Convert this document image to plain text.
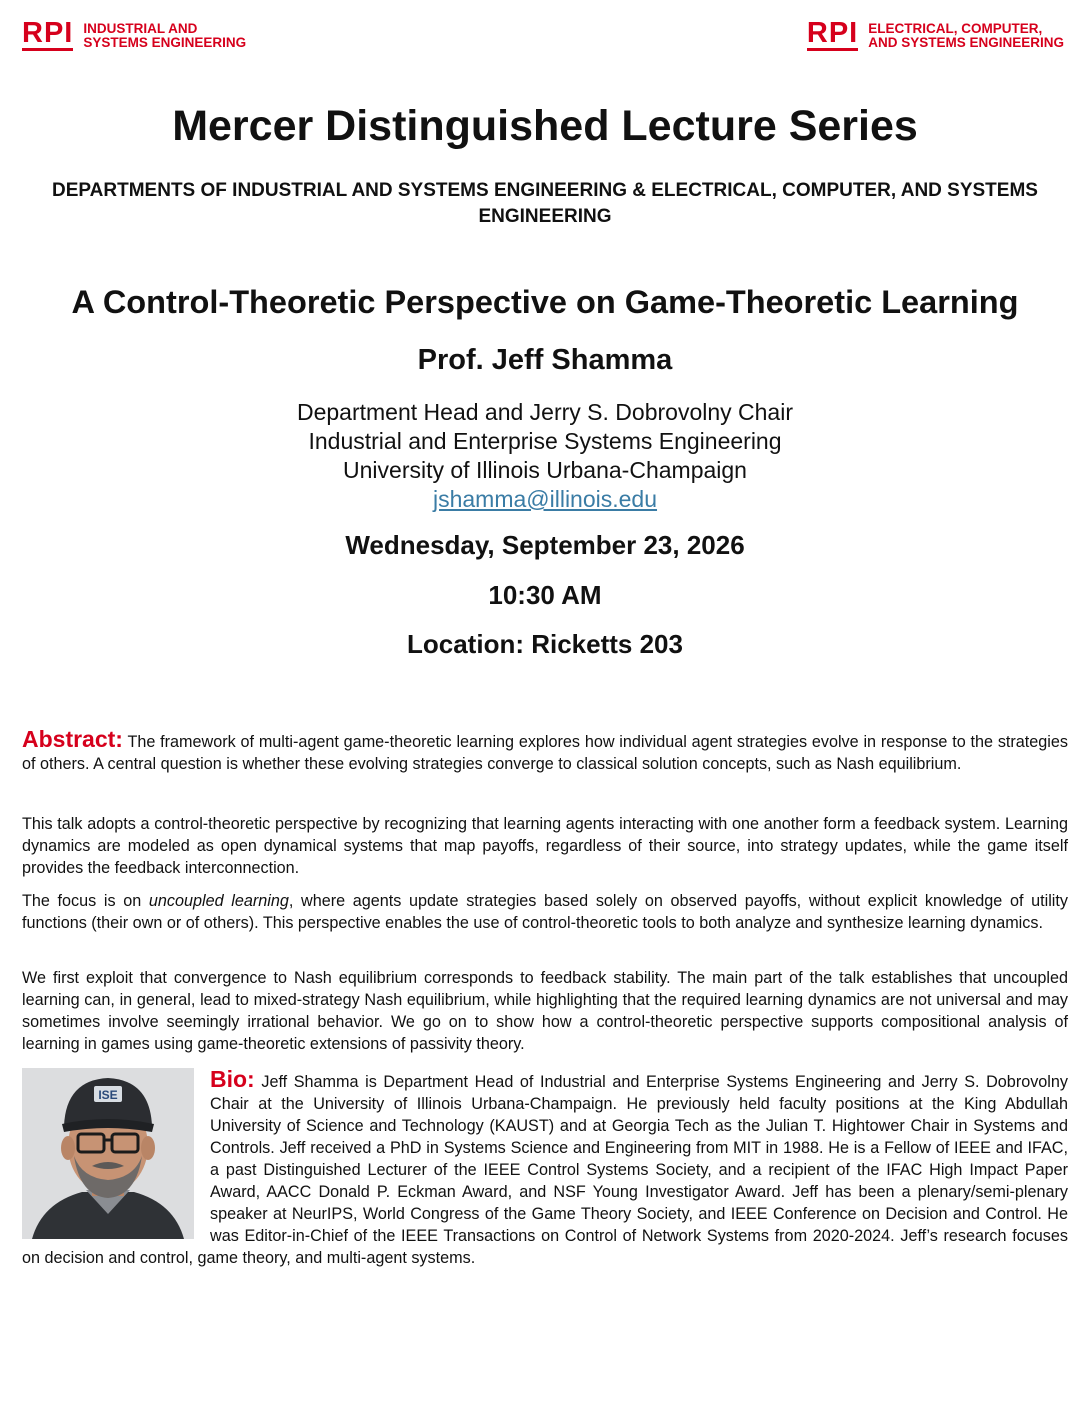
RPI INDUSTRIAL AND
SYSTEMS ENGINEERING	RPI ELECTRICAL, COMPUTER,
AND SYSTEMS ENGINEERING
Mercer Distinguished Lecture Series

DEPARTMENTS OF INDUSTRIAL AND SYSTEMS ENGINEERING & ELECTRICAL, COMPUTER, AND SYSTEMS ENGINEERING

A Control-Theoretic Perspective on Game-Theoretic Learning
Prof. Jeff Shamma
Department Head and Jerry S. Dobrovolny Chair
Industrial and Enterprise Systems Engineering
University of Illinois Urbana-Champaign
jshamma@illinois.edu
Wednesday, September 23, 2026
10:30 AM
Location: Ricketts 203

Abstract: The framework of multi-agent game-theoretic learning explores how individual agent strategies evolve in response to the strategies of others. A central question is whether these evolving strategies converge to classical solution concepts, such as Nash equilibrium.

This talk adopts a control-theoretic perspective by recognizing that learning agents interacting with one another form a feedback system. Learning dynamics are modeled as open dynamical systems that map payoffs, regardless of their source, into strategy updates, while the game itself provides the feedback interconnection.

The focus is on uncoupled learning, where agents update strategies based solely on observed payoffs, without explicit knowledge of utility functions (their own or of others). This perspective enables the use of control-theoretic tools to both analyze and synthesize learning dynamics.

We first exploit that convergence to Nash equilibrium corresponds to feedback stability. The main part of the talk establishes that uncoupled learning can, in general, lead to mixed-strategy Nash equilibrium, while highlighting that the required learning dynamics are not universal and may sometimes involve seemingly irrational behavior. We go on to show how a control-theoretic perspective supports compositional analysis of learning in games using game-theoretic extensions of passivity theory.

ISE

Bio: Jeff Shamma is Department Head of Industrial and Enterprise Systems Engineering and Jerry S. Dobrovolny Chair at the University of Illinois Urbana-Champaign. He previously held faculty positions at the King Abdullah University of Science and Technology (KAUST) and at Georgia Tech as the Julian T. Hightower Chair in Systems and Controls. Jeff received a PhD in Systems Science and Engineering from MIT in 1988. He is a Fellow of IEEE and IFAC, a past Distinguished Lecturer of the IEEE Control Systems Society, and a recipient of the IFAC High Impact Paper Award, AACC Donald P. Eckman Award, and NSF Young Investigator Award. Jeff has been a plenary/semi-plenary speaker at NeurIPS, World Congress of the Game Theory Society, and IEEE Conference on Decision and Control. He was Editor-in-Chief of the IEEE Transactions on Control of Network Systems from 2020-2024. Jeff’s research focuses on decision and control, game theory, and multi-agent systems.
